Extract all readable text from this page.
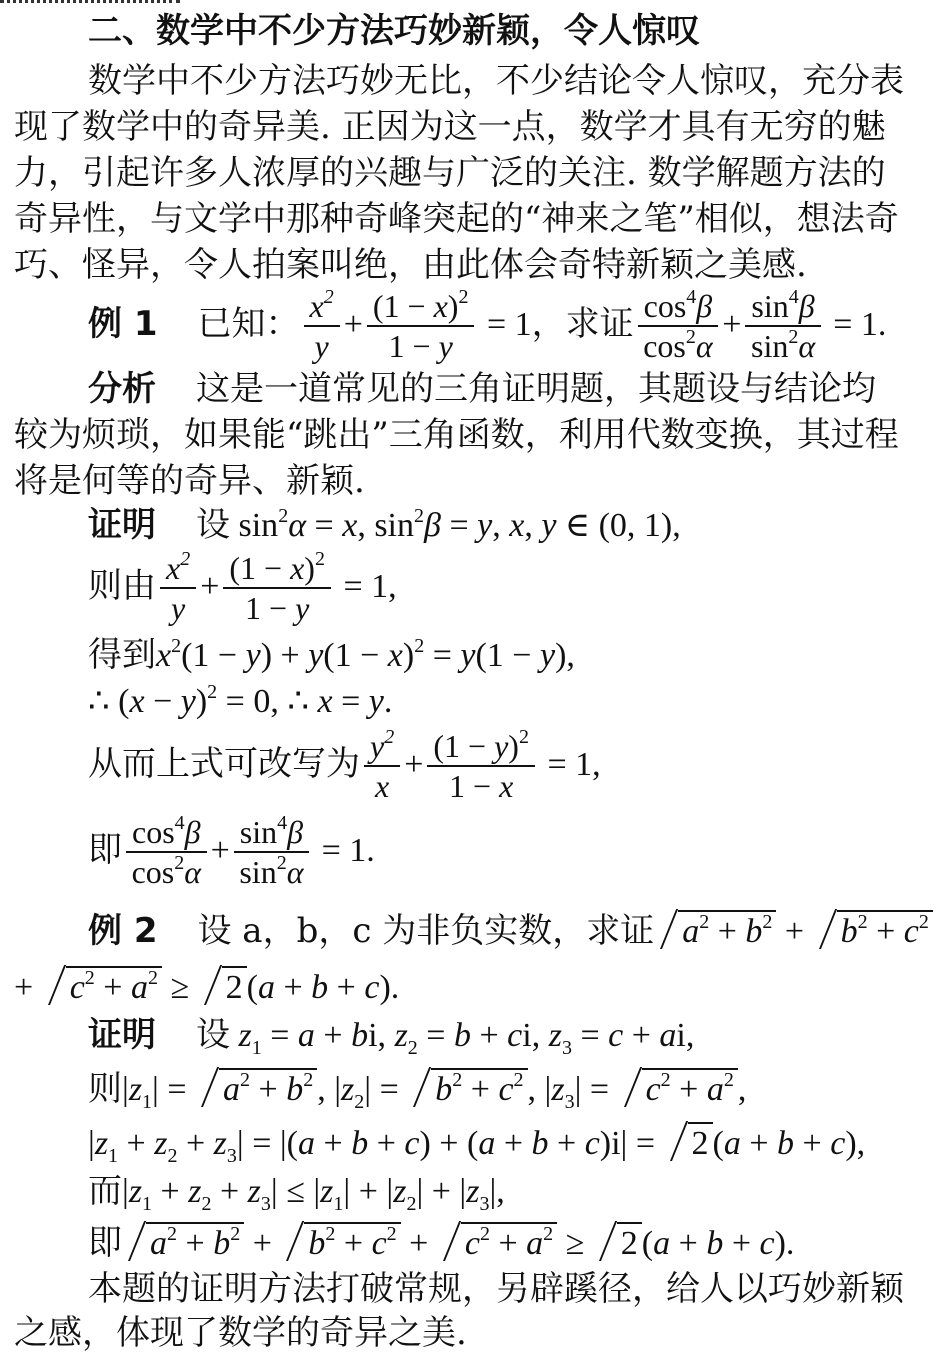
二、数学中不少方法巧妙新颖，令人惊叹
数学中不少方法巧妙无比，不少结论令人惊叹，充分表
现了数学中的奇异美. 正因为这一点，数学才具有无穷的魅
力，引起许多人浓厚的兴趣与广泛的关注. 数学解题方法的
奇异性，与文学中那种奇峰突起的“神来之笔”相似，想法奇
巧、怪异，令人拍案叫绝，由此体会奇特新颖之美感.
例 1 已知： $\frac{x^2}{y} + \frac{(1 - x)^2}{1 - y} = 1$，求证 $\frac{\cos^4\beta}{\cos^2\alpha} + \frac{\sin^4\beta}{\sin^2\alpha} = 1$.
分析 这是一道常见的三角证明题，其题设与结论均
较为烦琐，如果能“跳出”三角函数，利用代数变换，其过程
将是何等的奇异、新颖.
证明 设 $\sin^2\alpha = x$, $\sin^2\beta = y$, x, y ∈ (0, 1),
则由 $\frac{x^2}{y} + \frac{(1 - x)^2}{1 - y} = 1$,
得到$x^2(1 - y) + y(1 - x)^2 = y(1 - y)$,
∴ $(x - y)^2 = 0$, ∴ x = y.
从而上式可改写为 $\frac{y^2}{x} + \frac{(1 - y)^2}{1 - x} = 1$,
即 $\frac{\cos^4\beta}{\cos^2\alpha} + \frac{\sin^4\beta}{\sin^2\alpha} = 1$.
例 2 设 a，b，c 为非负实数，求证 $a^2 + b^2 + b^2 + c^2$
+ $c^2 + a^2 \ge 2$ (a + b + c).
证明 设 $z_1 = a$ + bi, $z_2 = b$ + ci, $z_3 = c$ + ai,
则$|z_1| = a^2 + b^2$ , $|z_2| = b^2 + c^2$ , $|z_3| = c^2 + a^2$ ,
$|z_1 + z_2 + z_3| = |(a + b + c) + (a + b + c)i| = 2$ (a + b + c),
而$|z_1 + z_2 + z_3| \le |z_1| + |z_2| + |z_3|$,
即 $a^2 + b^2 + b^2 + c^2 + c^2 + a^2 \ge 2$ (a + b + c).
本题的证明方法打破常规，另辟蹊径，给人以巧妙新颖
之感，体现了数学的奇异之美.
